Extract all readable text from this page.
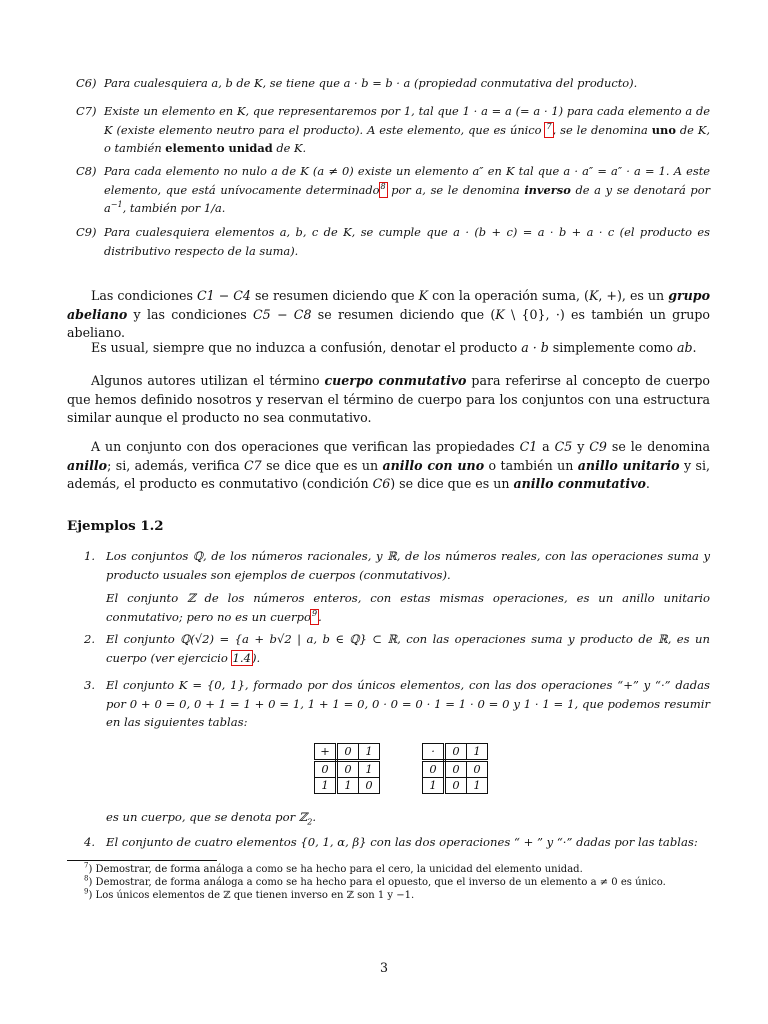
C6) Para cualesquiera a, b de K, se tiene que a · b = b · a (propiedad conmutativa del producto).
C7) Existe un elemento en K, que representaremos por 1, tal que 1 · a = a (= a · 1) para cada elemento a de K (existe elemento neutro para el producto). A este elemento, que es único $^7$, se le denomina uno de K, o también elemento unidad de K.
C8) Para cada elemento no nulo a de K (a ≠ 0) existe un elemento a″ en K tal que a · a″ = a″ · a = 1. A este elemento, que está unívocamente determinado$^8$ por a, se le denomina inverso de a y se denotará por $a^{-1}$, también por 1/a.
C9) Para cualesquiera elementos a, b, c de K, se cumple que a · (b + c) = a · b + a · c (el producto es distributivo respecto de la suma).
Las condiciones C1 − C4 se resumen diciendo que K con la operación suma, (K, +), es un grupo abeliano y las condiciones C5 − C8 se resumen diciendo que (K \ {0}, ·) es también un grupo abeliano.
Es usual, siempre que no induzca a confusión, denotar el producto a · b simplemente como ab.
Algunos autores utilizan el término cuerpo conmutativo para referirse al concepto de cuerpo que hemos definido nosotros y reservan el término de cuerpo para los conjuntos con una estructura similar aunque el producto no sea conmutativo.
A un conjunto con dos operaciones que verifican las propiedades C1 a C5 y C9 se le denomina anillo; si, además, verifica C7 se dice que es un anillo con uno o también un anillo unitario y si, además, el producto es conmutativo (condición C6) se dice que es un anillo conmutativo.
Ejemplos 1.2
1. Los conjuntos ℚ, de los números racionales, y ℝ, de los números reales, con las operaciones suma y producto usuales son ejemplos de cuerpos (conmutativos).
El conjunto ℤ de los números enteros, con estas mismas operaciones, es un anillo unitario conmutativo; pero no es un cuerpo$^9$.
2. El conjunto ℚ(√2) = {a + b√2 | a, b ∈ ℚ} ⊂ ℝ, con las operaciones suma y producto de ℝ, es un cuerpo (ver ejercicio 1.4).
3. El conjunto K = {0, 1}, formado por dos únicos elementos, con las dos operaciones “+” y “·” dadas por 0 + 0 = 0, 0 + 1 = 1 + 0 = 1, 1 + 1 = 0, 0 · 0 = 0 · 1 = 1 · 0 = 0 y 1 · 1 = 1, que podemos resumir en las siguientes tablas:
+	0	1
0	0	1
1	1	0
·	0	1
0	0	0
1	0	1
es un cuerpo, que se denota por ℤ$_2$.
4. El conjunto de cuatro elementos {0, 1, α, β} con las dos operaciones “ + ” y “·” dadas por las tablas:
$^7$) Demostrar, de forma análoga a como se ha hecho para el cero, la unicidad del elemento unidad.
$^8$) Demostrar, de forma análoga a como se ha hecho para el opuesto, que el inverso de un elemento a ≠ 0 es único.
$^9$) Los únicos elementos de ℤ que tienen inverso en ℤ son 1 y −1.
3
